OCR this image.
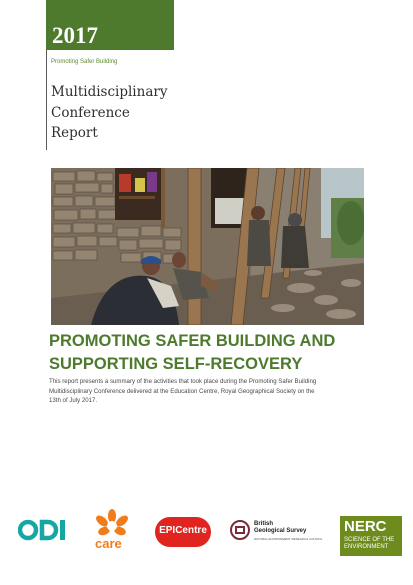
2017
Promoting Safer Building
Multidisciplinary
Conference
Report
PROMOTING SAFER BUILDING AND
SUPPORTING SELF-RECOVERY
This report presents a summary of the activities that took place during the Promoting Safer Building
Multidisciplinary Conference delivered at the Education Centre, Royal Geographical Society on the
13th of July 2017.
care
EPICentre
British
Geological Survey
NATURAL ENVIRONMENT RESEARCH COUNCIL
NERC
SCIENCE OF THE
ENVIRONMENT
